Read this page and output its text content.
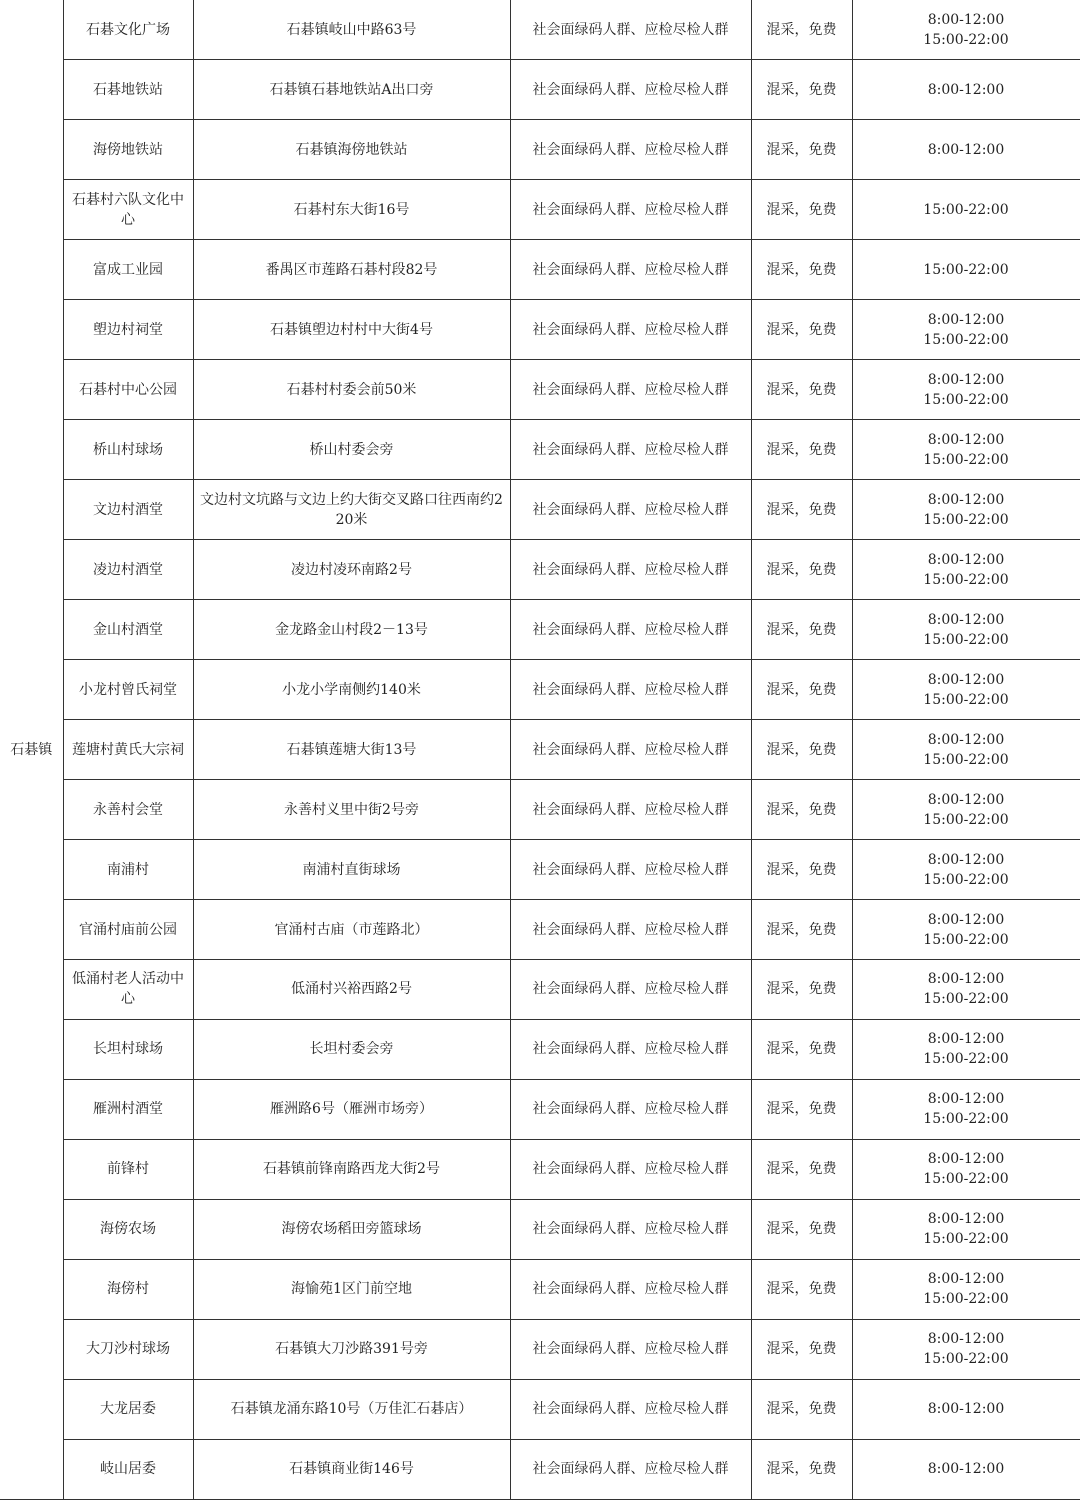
石碁镇	石碁文化广场	石碁镇岐山中路63号	社会面绿码人群、应检尽检人群	混采，免费	8:00-12:00
15:00-22:00

	石碁地铁站	石碁镇石碁地铁站A出口旁	社会面绿码人群、应检尽检人群	混采，免费	8:00-12:00

	海傍地铁站	石碁镇海傍地铁站	社会面绿码人群、应检尽检人群	混采，免费	8:00-12:00

	石碁村六队文化中心	石碁村东大街16号	社会面绿码人群、应检尽检人群	混采，免费	15:00-22:00

	富成工业园	番禺区市莲路石碁村段82号	社会面绿码人群、应检尽检人群	混采，免费	15:00-22:00

	塱边村祠堂	石碁镇塱边村村中大街4号	社会面绿码人群、应检尽检人群	混采，免费	8:00-12:00
15:00-22:00

	石碁村中心公园	石碁村村委会前50米	社会面绿码人群、应检尽检人群	混采，免费	8:00-12:00
15:00-22:00

	桥山村球场	桥山村委会旁	社会面绿码人群、应检尽检人群	混采，免费	8:00-12:00
15:00-22:00

	文边村酒堂	文边村文坑路与文边上约大街交叉路口往西南约220米	社会面绿码人群、应检尽检人群	混采，免费	8:00-12:00
15:00-22:00

	凌边村酒堂	凌边村凌环南路2号	社会面绿码人群、应检尽检人群	混采，免费	8:00-12:00
15:00-22:00

	金山村酒堂	金龙路金山村段2－13号	社会面绿码人群、应检尽检人群	混采，免费	8:00-12:00
15:00-22:00

	小龙村曾氏祠堂	小龙小学南侧约140米	社会面绿码人群、应检尽检人群	混采，免费	8:00-12:00
15:00-22:00

	莲塘村黄氏大宗祠	石碁镇莲塘大街13号	社会面绿码人群、应检尽检人群	混采，免费	8:00-12:00
15:00-22:00

	永善村会堂	永善村义里中街2号旁	社会面绿码人群、应检尽检人群	混采，免费	8:00-12:00
15:00-22:00

	南浦村	南浦村直街球场	社会面绿码人群、应检尽检人群	混采，免费	8:00-12:00
15:00-22:00

	官涌村庙前公园	官涌村古庙（市莲路北）	社会面绿码人群、应检尽检人群	混采，免费	8:00-12:00
15:00-22:00

	低涌村老人活动中心	低涌村兴裕西路2号	社会面绿码人群、应检尽检人群	混采，免费	8:00-12:00
15:00-22:00

	长坦村球场	长坦村委会旁	社会面绿码人群、应检尽检人群	混采，免费	8:00-12:00
15:00-22:00

	雁洲村酒堂	雁洲路6号（雁洲市场旁）	社会面绿码人群、应检尽检人群	混采，免费	8:00-12:00
15:00-22:00

	前锋村	石碁镇前锋南路西龙大街2号	社会面绿码人群、应检尽检人群	混采，免费	8:00-12:00
15:00-22:00

	海傍农场	海傍农场稻田旁篮球场	社会面绿码人群、应检尽检人群	混采，免费	8:00-12:00
15:00-22:00

	海傍村	海愉苑1区门前空地	社会面绿码人群、应检尽检人群	混采，免费	8:00-12:00
15:00-22:00

	大刀沙村球场	石碁镇大刀沙路391号旁	社会面绿码人群、应检尽检人群	混采，免费	8:00-12:00
15:00-22:00

	大龙居委	石碁镇龙涌东路10号（万佳汇石碁店）	社会面绿码人群、应检尽检人群	混采，免费	8:00-12:00

	岐山居委	石碁镇商业街146号	社会面绿码人群、应检尽检人群	混采，免费	8:00-12:00
